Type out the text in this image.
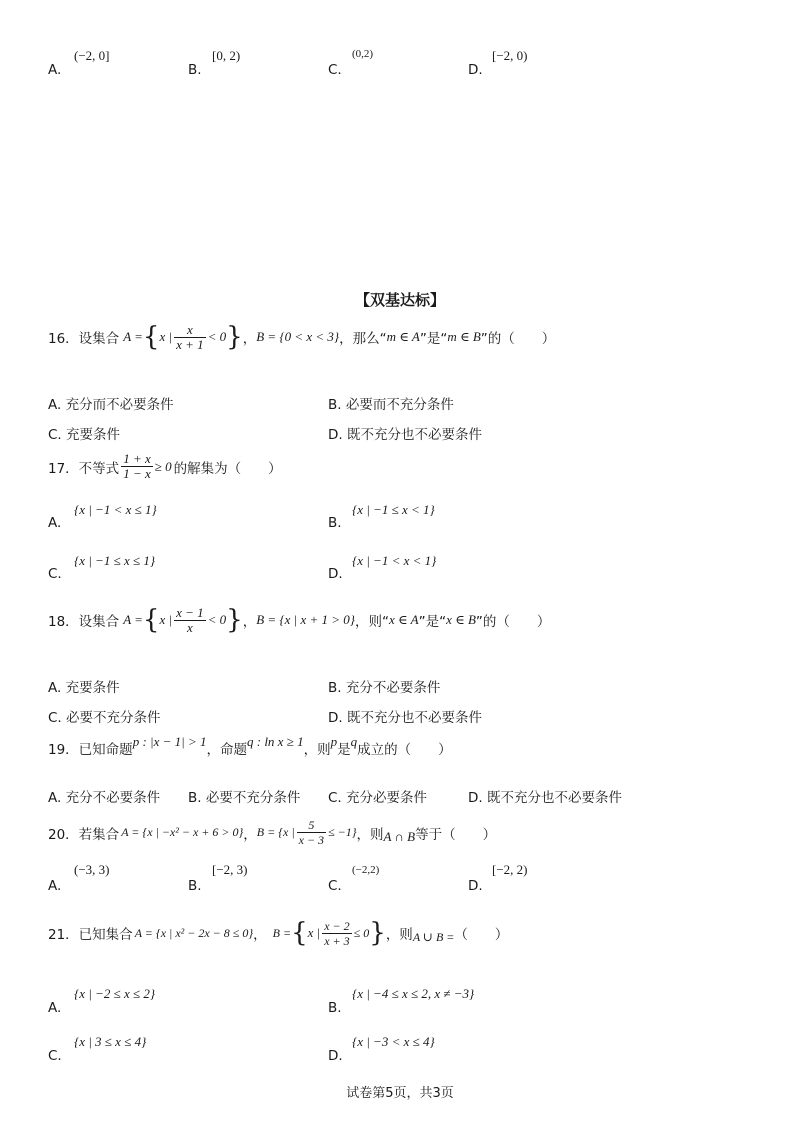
A.
(−2, 0]
B.
[0, 2)
C.
(0,2)
D.
[−2, 0)
【双基达标】
16．设集合 A = { x | $\frac{x}{x + 1} < 0$ } ， B = {0 < x < 3} ，那么“ m ∈ A ”是“ m ∈ B ”的（　　）
A. 充分而不必要条件	B. 必要而不充分条件
C. 充要条件	D. 既不充分也不必要条件
17．不等式 $\frac{1 + x}{1 - x} \ge 0$ 的解集为（　　）
A.
{x | −1 < x ≤ 1}
B.
{x | −1 ≤ x < 1}
C.
{x | −1 ≤ x ≤ 1}
D.
{x | −1 < x < 1}
18．设集合 A = { x | $\frac{x - 1}{x} < 0$ } ， B = {x | x + 1 > 0} ，则“ x ∈ A ”是“ x ∈ B ”的（　　）
A. 充要条件	B. 充分不必要条件
C. 必要不充分条件	D. 既不充分也不必要条件
19．已知命题
p : |x − 1| > 1
，命题
q : ln x ≥ 1
，则
p
是
q
成立的（　　）
A. 充分不必要条件 B. 必要不充分条件 C. 充分必要条件	D. 既不充分也不必要条件
20．若集合 A = {x | −x² − x + 6 > 0} ， B = {x | $\frac{5}{x - 3} \le -1$} ，则 A ∩ B 等于（　　）
A.
(−3, 3)
B.
[−2, 3)
C.
(−2,2)
D.
[−2, 2)
21．已知集合 A = {x | x² − 2x − 8 ≤ 0} ， B = { x | $\frac{x - 2}{x + 3} \le 0$ } ，则 A ∪ B = （　　）
A.
{x | −2 ≤ x ≤ 2}
B.
{x | −4 ≤ x ≤ 2, x ≠ −3}
C.
{x | 3 ≤ x ≤ 4}
D.
{x | −3 < x ≤ 4}
试卷第5页，共3页
